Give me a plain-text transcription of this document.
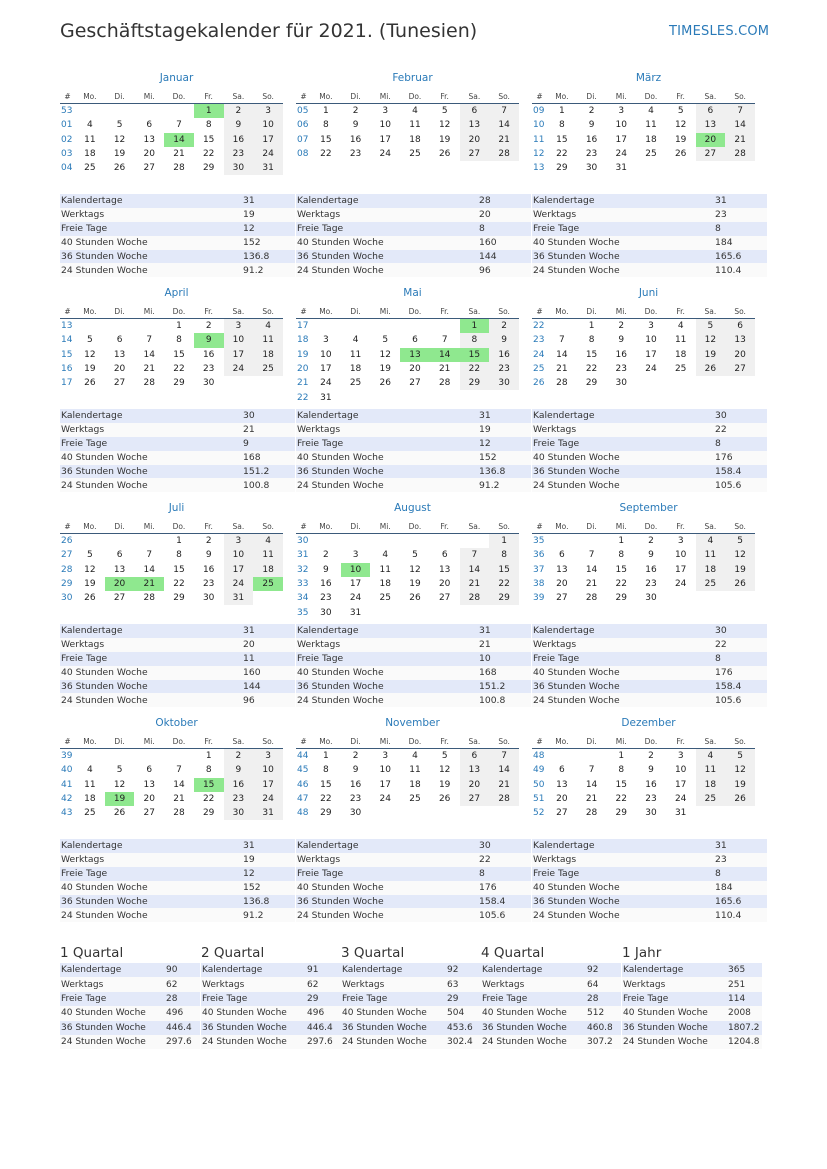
Geschäftstagekalender für 2021. (Tunesien)	TIMESLES.COM
Januar
#	Mo.	Di.	Mi.	Do.	Fr.	Sa.	So.
53					1	2	3
01	4	5	6	7	8	9	10
02	11	12	13	14	15	16	17
03	18	19	20	21	22	23	24
04	25	26	27	28	29	30	31
Kalendertage	31
Werktags	19
Freie Tage	12
40 Stunden Woche	152
36 Stunden Woche	136.8
24 Stunden Woche	91.2
Februar
#	Mo.	Di.	Mi.	Do.	Fr.	Sa.	So.
05	1	2	3	4	5	6	7
06	8	9	10	11	12	13	14
07	15	16	17	18	19	20	21
08	22	23	24	25	26	27	28
Kalendertage	28
Werktags	20
Freie Tage	8
40 Stunden Woche	160
36 Stunden Woche	144
24 Stunden Woche	96
März
#	Mo.	Di.	Mi.	Do.	Fr.	Sa.	So.
09	1	2	3	4	5	6	7
10	8	9	10	11	12	13	14
11	15	16	17	18	19	20	21
12	22	23	24	25	26	27	28
13	29	30	31				
Kalendertage	31
Werktags	23
Freie Tage	8
40 Stunden Woche	184
36 Stunden Woche	165.6
24 Stunden Woche	110.4
April
#	Mo.	Di.	Mi.	Do.	Fr.	Sa.	So.
13				1	2	3	4
14	5	6	7	8	9	10	11
15	12	13	14	15	16	17	18
16	19	20	21	22	23	24	25
17	26	27	28	29	30		
Kalendertage	30
Werktags	21
Freie Tage	9
40 Stunden Woche	168
36 Stunden Woche	151.2
24 Stunden Woche	100.8
Mai
#	Mo.	Di.	Mi.	Do.	Fr.	Sa.	So.
17						1	2
18	3	4	5	6	7	8	9
19	10	11	12	13	14	15	16
20	17	18	19	20	21	22	23
21	24	25	26	27	28	29	30
22	31						
Kalendertage	31
Werktags	19
Freie Tage	12
40 Stunden Woche	152
36 Stunden Woche	136.8
24 Stunden Woche	91.2
Juni
#	Mo.	Di.	Mi.	Do.	Fr.	Sa.	So.
22		1	2	3	4	5	6
23	7	8	9	10	11	12	13
24	14	15	16	17	18	19	20
25	21	22	23	24	25	26	27
26	28	29	30				
Kalendertage	30
Werktags	22
Freie Tage	8
40 Stunden Woche	176
36 Stunden Woche	158.4
24 Stunden Woche	105.6
Juli
#	Mo.	Di.	Mi.	Do.	Fr.	Sa.	So.
26				1	2	3	4
27	5	6	7	8	9	10	11
28	12	13	14	15	16	17	18
29	19	20	21	22	23	24	25
30	26	27	28	29	30	31	
Kalendertage	31
Werktags	20
Freie Tage	11
40 Stunden Woche	160
36 Stunden Woche	144
24 Stunden Woche	96
August
#	Mo.	Di.	Mi.	Do.	Fr.	Sa.	So.
30							1
31	2	3	4	5	6	7	8
32	9	10	11	12	13	14	15
33	16	17	18	19	20	21	22
34	23	24	25	26	27	28	29
35	30	31					
Kalendertage	31
Werktags	21
Freie Tage	10
40 Stunden Woche	168
36 Stunden Woche	151.2
24 Stunden Woche	100.8
September
#	Mo.	Di.	Mi.	Do.	Fr.	Sa.	So.
35			1	2	3	4	5
36	6	7	8	9	10	11	12
37	13	14	15	16	17	18	19
38	20	21	22	23	24	25	26
39	27	28	29	30			
Kalendertage	30
Werktags	22
Freie Tage	8
40 Stunden Woche	176
36 Stunden Woche	158.4
24 Stunden Woche	105.6
Oktober
#	Mo.	Di.	Mi.	Do.	Fr.	Sa.	So.
39					1	2	3
40	4	5	6	7	8	9	10
41	11	12	13	14	15	16	17
42	18	19	20	21	22	23	24
43	25	26	27	28	29	30	31
Kalendertage	31
Werktags	19
Freie Tage	12
40 Stunden Woche	152
36 Stunden Woche	136.8
24 Stunden Woche	91.2
November
#	Mo.	Di.	Mi.	Do.	Fr.	Sa.	So.
44	1	2	3	4	5	6	7
45	8	9	10	11	12	13	14
46	15	16	17	18	19	20	21
47	22	23	24	25	26	27	28
48	29	30					
Kalendertage	30
Werktags	22
Freie Tage	8
40 Stunden Woche	176
36 Stunden Woche	158.4
24 Stunden Woche	105.6
Dezember
#	Mo.	Di.	Mi.	Do.	Fr.	Sa.	So.
48			1	2	3	4	5
49	6	7	8	9	10	11	12
50	13	14	15	16	17	18	19
51	20	21	22	23	24	25	26
52	27	28	29	30	31		
Kalendertage	31
Werktags	23
Freie Tage	8
40 Stunden Woche	184
36 Stunden Woche	165.6
24 Stunden Woche	110.4
1 Quartal
Kalendertage	90
Werktags	62
Freie Tage	28
40 Stunden Woche	496
36 Stunden Woche	446.4
24 Stunden Woche	297.6
2 Quartal
Kalendertage	91
Werktags	62
Freie Tage	29
40 Stunden Woche	496
36 Stunden Woche	446.4
24 Stunden Woche	297.6
3 Quartal
Kalendertage	92
Werktags	63
Freie Tage	29
40 Stunden Woche	504
36 Stunden Woche	453.6
24 Stunden Woche	302.4
4 Quartal
Kalendertage	92
Werktags	64
Freie Tage	28
40 Stunden Woche	512
36 Stunden Woche	460.8
24 Stunden Woche	307.2
1 Jahr
Kalendertage	365
Werktags	251
Freie Tage	114
40 Stunden Woche	2008
36 Stunden Woche	1807.2
24 Stunden Woche	1204.8
